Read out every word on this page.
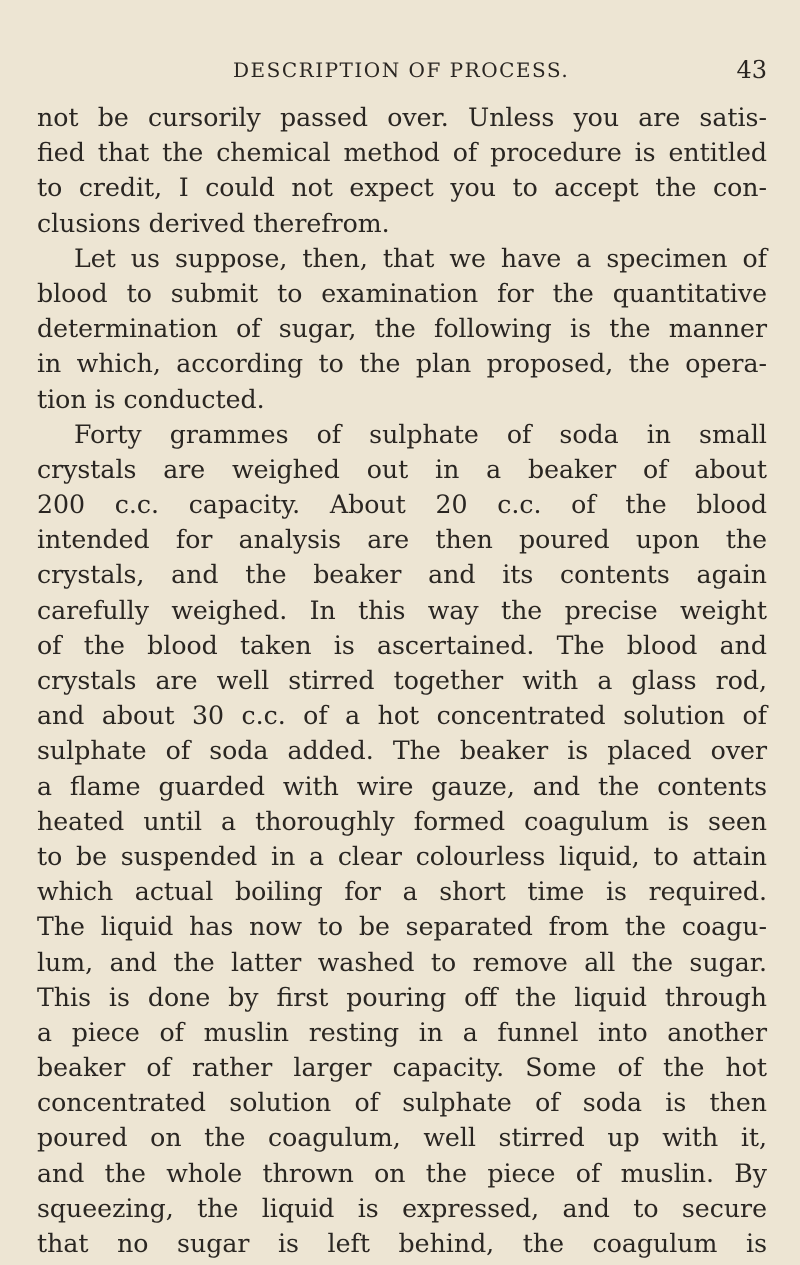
DESCRIPTION OF PROCESS.	43
not be cursorily passed over. Unless you are satis-
fied that the chemical method of procedure is entitled
to credit, I could not expect you to accept the con-
clusions derived therefrom.
Let us suppose, then, that we have a specimen of
blood to submit to examination for the quantitative
determination of sugar, the following is the manner
in which, according to the plan proposed, the opera-
tion is conducted.
Forty grammes of sulphate of soda in small
crystals are weighed out in a beaker of about
200 c.c. capacity. About 20 c.c. of the blood
intended for analysis are then poured upon the
crystals, and the beaker and its contents again
carefully weighed. In this way the precise weight
of the blood taken is ascertained. The blood and
crystals are well stirred together with a glass rod,
and about 30 c.c. of a hot concentrated solution of
sulphate of soda added. The beaker is placed over
a flame guarded with wire gauze, and the contents
heated until a thoroughly formed coagulum is seen
to be suspended in a clear colourless liquid, to attain
which actual boiling for a short time is required.
The liquid has now to be separated from the coagu-
lum, and the latter washed to remove all the sugar.
This is done by first pouring off the liquid through
a piece of muslin resting in a funnel into another
beaker of rather larger capacity. Some of the hot
concentrated solution of sulphate of soda is then
poured on the coagulum, well stirred up with it,
and the whole thrown on the piece of muslin. By
squeezing, the liquid is expressed, and to secure
that no sugar is left behind, the coagulum is
